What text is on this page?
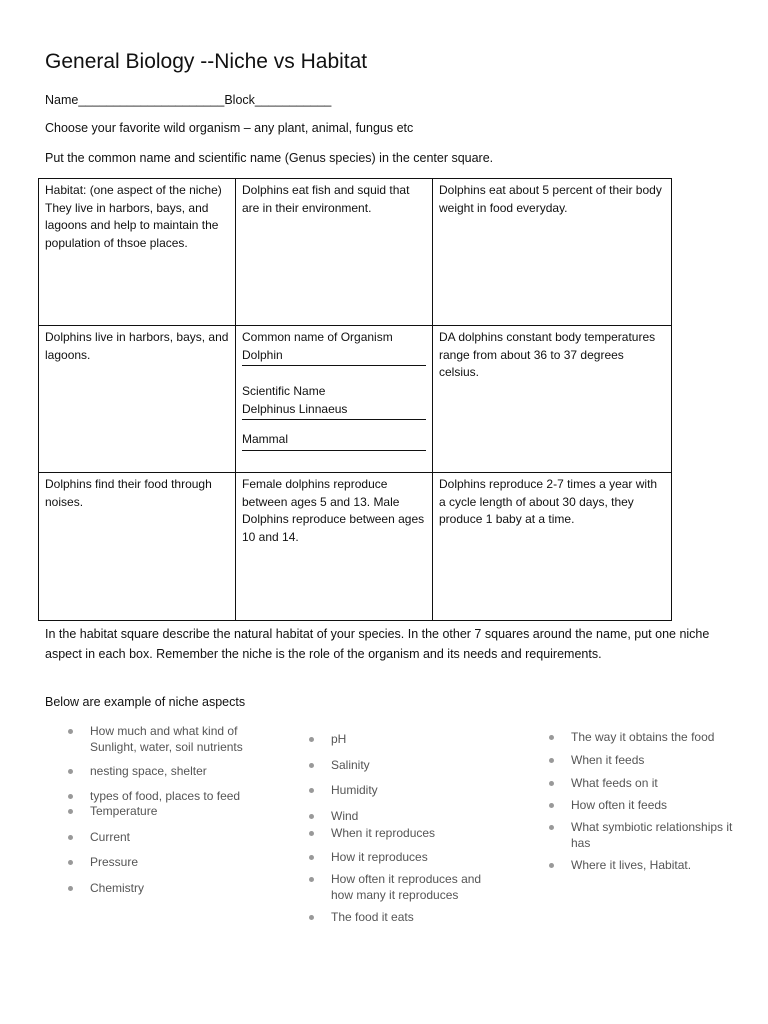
General Biology --Niche vs Habitat
Name_____________________Block___________
Choose your favorite wild organism – any plant, animal, fungus etc
Put the common name and scientific name (Genus species) in the center square.
Habitat: (one aspect of the niche) They live in harbors, bays, and lagoons and help to maintain the population of thsoe places.
Dolphins eat fish and squid that are in their environment.
Dolphins eat about 5 percent of their body weight in food everyday.
Dolphins live in harbors, bays, and lagoons.
Common name of Organism
Dolphin
Scientific Name
Delphinus Linnaeus
Mammal
DA dolphins constant body temperatures range from about 36 to 37 degrees celsius.
Dolphins find their food through noises.
Female dolphins reproduce between ages 5 and 13. Male Dolphins reproduce between ages 10 and 14.
Dolphins reproduce 2-7 times a year with a cycle length of about 30 days, they produce 1 baby at a time.
In the habitat square describe the natural habitat of your species. In the other 7 squares around the name, put one niche aspect in each box. Remember the niche is the role of the organism and its needs and requirements.
Below are example of niche aspects
How much and what kind of Sunlight, water, soil nutrients
nesting space, shelter
types of food, places to feed
Temperature
Current
Pressure
Chemistry
pH
Salinity
Humidity
Wind
When it reproduces
How it reproduces
How often it reproduces and how many it reproduces
The food it eats
The way it obtains the food
When it feeds
What feeds on it
How often it feeds
What symbiotic relationships it has
Where it lives, Habitat.
